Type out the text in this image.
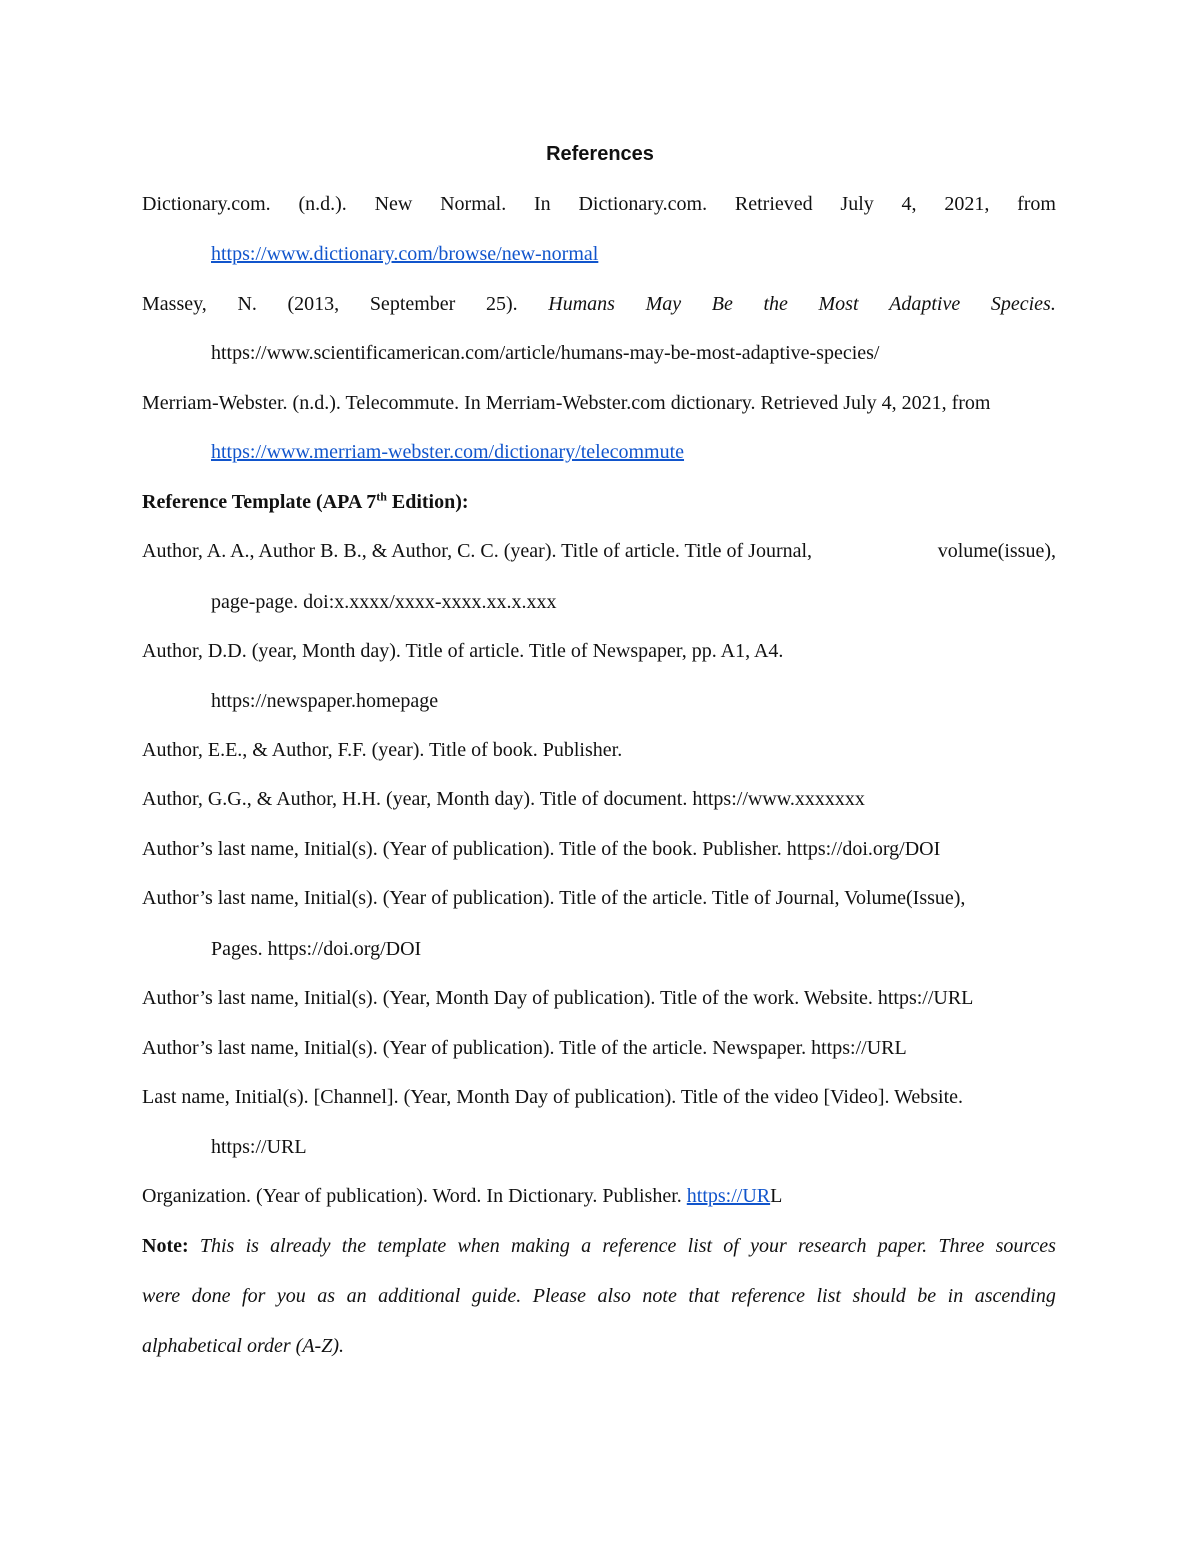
References
Dictionary.com. (n.d.). New Normal. In Dictionary.com. Retrieved July 4, 2021, from
https://www.dictionary.com/browse/new-normal
Massey, N. (2013, September 25). Humans May Be the Most Adaptive Species.
https://www.scientificamerican.com/article/humans-may-be-most-adaptive-species/
Merriam-Webster. (n.d.). Telecommute. In Merriam-Webster.com dictionary. Retrieved July 4, 2021, from
https://www.merriam-webster.com/dictionary/telecommute
Reference Template (APA 7th Edition):
Author, A. A., Author B. B., & Author, C. C. (year). Title of article. Title of Journal,	volume(issue),
page-page. doi:x.xxxx/xxxx-xxxx.xx.x.xxx
Author, D.D. (year, Month day). Title of article. Title of Newspaper, pp. A1, A4.
https://newspaper.homepage
Author, E.E., & Author, F.F. (year). Title of book. Publisher.
Author, G.G., & Author, H.H. (year, Month day). Title of document. https://www.xxxxxxx
Author’s last name, Initial(s). (Year of publication). Title of the book. Publisher. https://doi.org/DOI
Author’s last name, Initial(s). (Year of publication). Title of the article. Title of Journal, Volume(Issue),
Pages. https://doi.org/DOI
Author’s last name, Initial(s). (Year, Month Day of publication). Title of the work. Website. https://URL
Author’s last name, Initial(s). (Year of publication). Title of the article. Newspaper. https://URL
Last name, Initial(s). [Channel]. (Year, Month Day of publication). Title of the video [Video]. Website.
https://URL
Organization. (Year of publication). Word. In Dictionary. Publisher. https://URL
Note: This is already the template when making a reference list of your research paper. Three sources
were done for you as an additional guide. Please also note that reference list should be in ascending
alphabetical order (A-Z).
